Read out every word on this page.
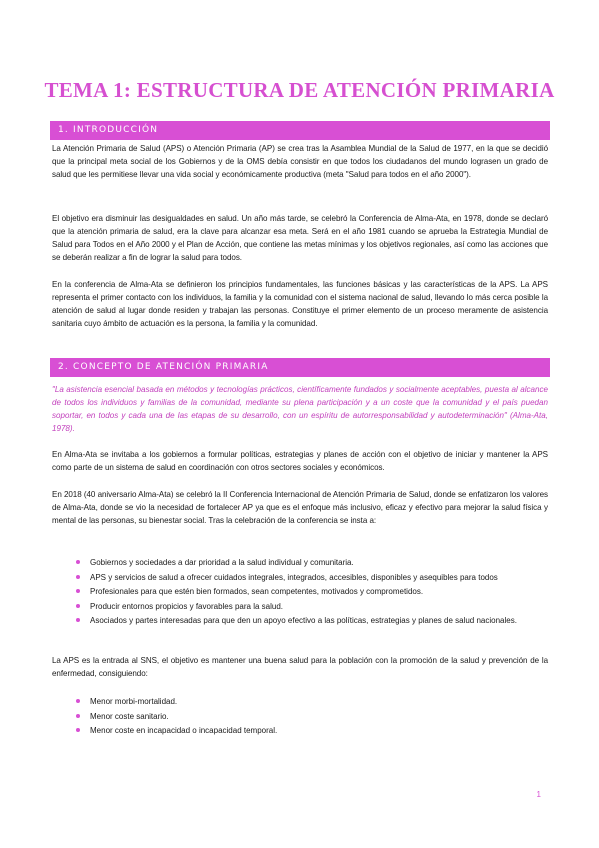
TEMA 1: ESTRUCTURA DE ATENCIÓN PRIMARIA
1. INTRODUCCIÓN

La Atención Primaria de Salud (APS) o Atención Primaria (AP) se crea tras la Asamblea Mundial de la Salud de 1977, en la que se decidió que la principal meta social de los Gobiernos y de la OMS debía consistir en que todos los ciudadanos del mundo lograsen un grado de salud que les permitiese llevar una vida social y económicamente productiva (meta "Salud para todos en el año 2000").

El objetivo era disminuir las desigualdades en salud. Un año más tarde, se celebró la Conferencia de Alma-Ata, en 1978, donde se declaró que la atención primaria de salud, era la clave para alcanzar esa meta. Será en el año 1981 cuando se aprueba la Estrategia Mundial de Salud para Todos en el Año 2000 y el Plan de Acción, que contiene las metas mínimas y los objetivos regionales, así como las acciones que se deberán realizar a fin de lograr la salud para todos.

En la conferencia de Alma-Ata se definieron los principios fundamentales, las funciones básicas y las características de la APS. La APS representa el primer contacto con los individuos, la familia y la comunidad con el sistema nacional de salud, llevando lo más cerca posible la atención de salud al lugar donde residen y trabajan las personas. Constituye el primer elemento de un proceso meramente de asistencia sanitaria cuyo ámbito de actuación es la persona, la familia y la comunidad.

2. CONCEPTO DE ATENCIÓN PRIMARIA

"La asistencia esencial basada en métodos y tecnologías prácticos, científicamente fundados y socialmente aceptables, puesta al alcance de todos los individuos y familias de la comunidad, mediante su plena participación y a un coste que la comunidad y el país puedan soportar, en todos y cada una de las etapas de su desarrollo, con un espíritu de autorresponsabilidad y autodeterminación" (Alma-Ata, 1978).

En Alma-Ata se invitaba a los gobiernos a formular políticas, estrategias y planes de acción con el objetivo de iniciar y mantener la APS como parte de un sistema de salud en coordinación con otros sectores sociales y económicos.

En 2018 (40 aniversario Alma-Ata) se celebró la II Conferencia Internacional de Atención Primaria de Salud, donde se enfatizaron los valores de Alma-Ata, donde se vio la necesidad de fortalecer AP ya que es el enfoque más inclusivo, eficaz y efectivo para mejorar la salud física y mental de las personas, su bienestar social. Tras la celebración de la conferencia se insta a:

Gobiernos y sociedades a dar prioridad a la salud individual y comunitaria.
APS y servicios de salud a ofrecer cuidados integrales, integrados, accesibles, disponibles y asequibles para todos
Profesionales para que estén bien formados, sean competentes, motivados y comprometidos.
Producir entornos propicios y favorables para la salud.
Asociados y partes interesadas para que den un apoyo efectivo a las políticas, estrategias y planes de salud nacionales.

La APS es la entrada al SNS, el objetivo es mantener una buena salud para la población con la promoción de la salud y prevención de la enfermedad, consiguiendo:

Menor morbi-mortalidad.
Menor coste sanitario.
Menor coste en incapacidad o incapacidad temporal.
1
